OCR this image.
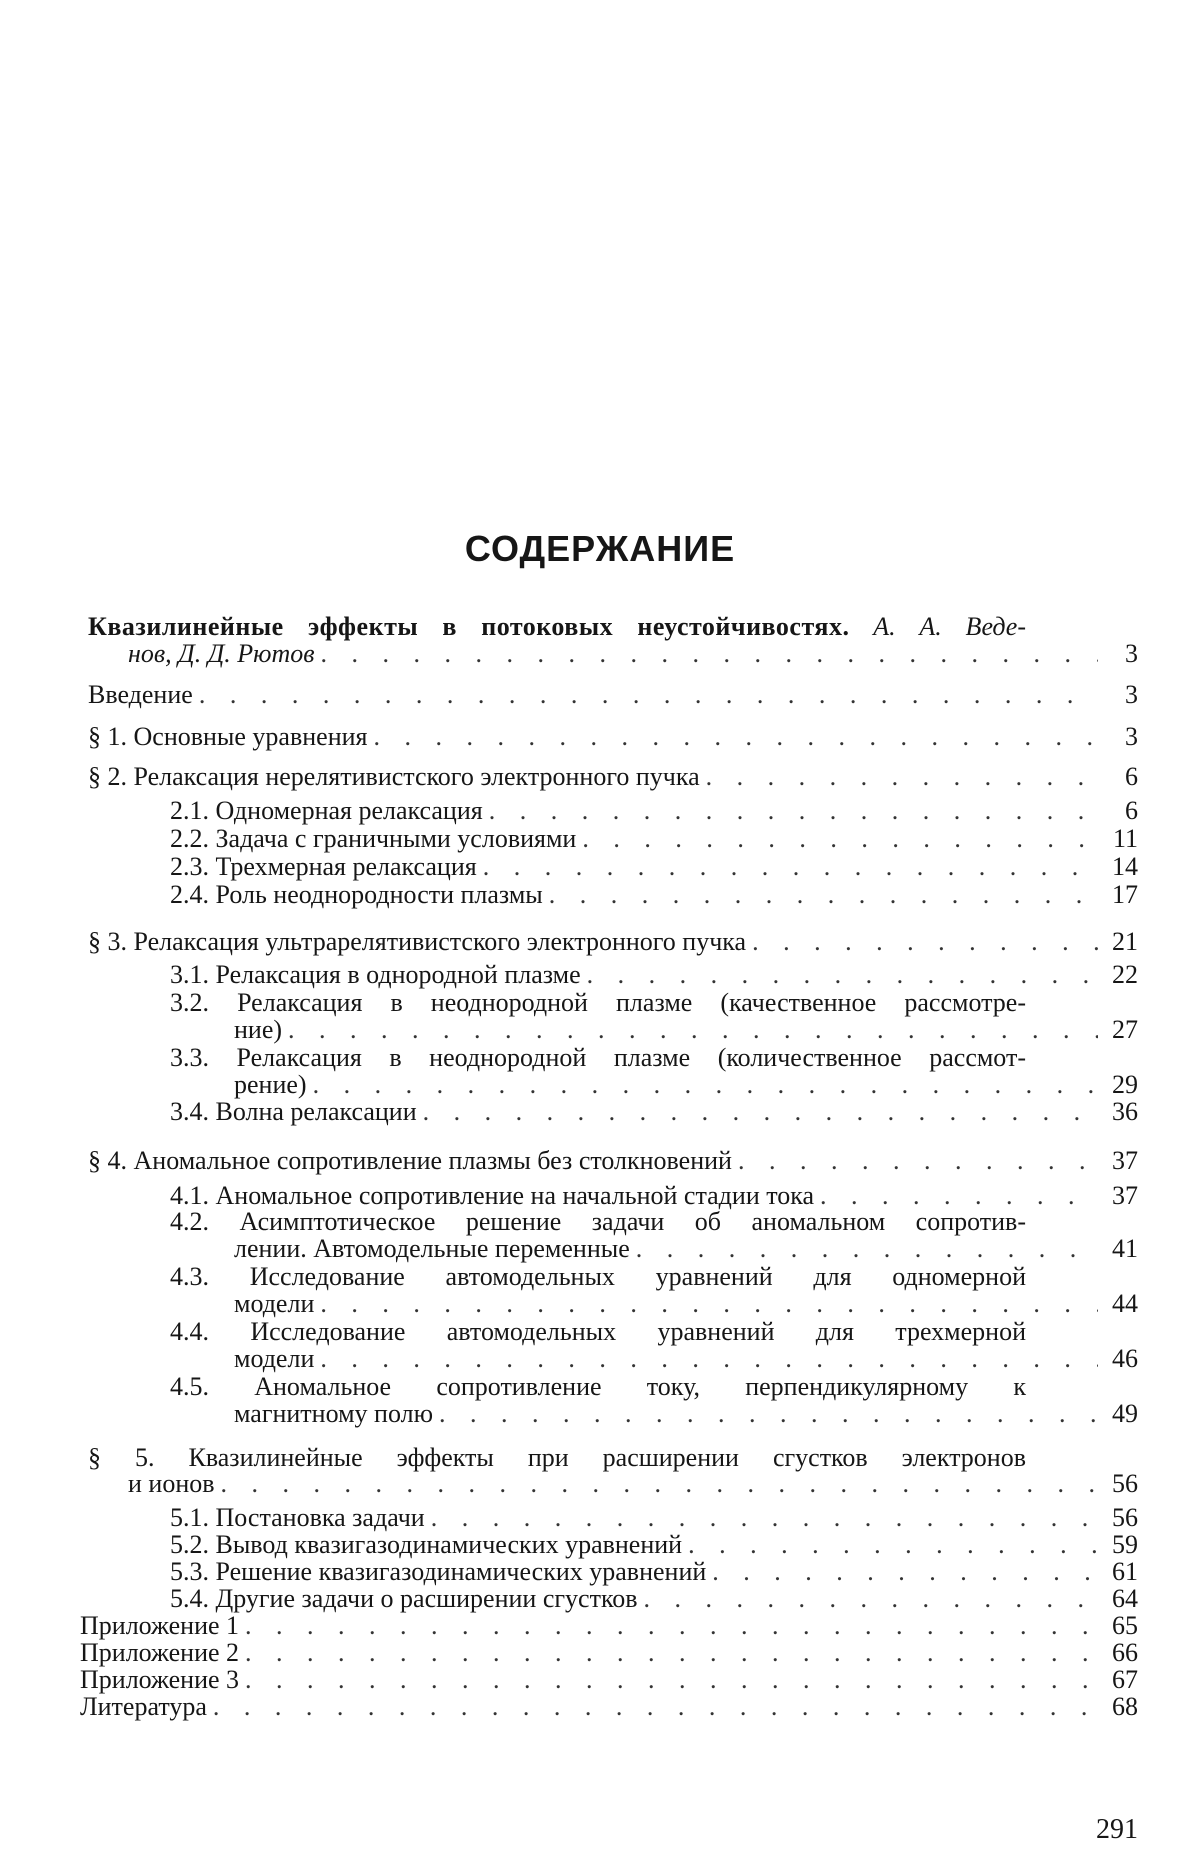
СОДЕРЖАНИЕ
Квазилинейные эффекты в потоковых неустойчивостях. А. А. Веде-
нов, Д. Д. Рютов . . .	3
Введение . . .	3
§ 1. Основные уравнения . . .	3
§ 2. Релаксация нерелятивистского электронного пучка . . .	6
2.1. Одномерная релаксация . . .	6
2.2. Задача с граничными условиями . . .	11
2.3. Трехмерная релаксация . . .	14
2.4. Роль неоднородности плазмы . . .	17
§ 3. Релаксация ультрарелятивистского электронного пучка . . .	21
3.1. Релаксация в однородной плазме . . .	22
3.2. Релаксация в неоднородной плазме (качественное рассмотре-
ние) . . .	27
3.3. Релаксация в неоднородной плазме (количественное рассмот-
рение) . . .	29
3.4. Волна релаксации . . .	36
§ 4. Аномальное сопротивление плазмы без столкновений . . .	37
4.1. Аномальное сопротивление на начальной стадии тока . . .	37
4.2. Асимптотическое решение задачи об аномальном сопротив-
лении. Автомодельные переменные . . .	41
4.3. Исследование автомодельных уравнений для одномерной
модели . . .	44
4.4. Исследование автомодельных уравнений для трехмерной
модели . . .	46
4.5. Аномальное сопротивление току, перпендикулярному к
магнитному полю . . .	49
§ 5. Квазилинейные эффекты при расширении сгустков электронов
и ионов . . .	56
5.1. Постановка задачи . . .	56
5.2. Вывод квазигазодинамических уравнений . . .	59
5.3. Решение квазигазодинамических уравнений . . .	61
5.4. Другие задачи о расширении сгустков . . .	64
Приложение 1 . . .	65
Приложение 2 . . .	66
Приложение 3 . . .	67
Литература . . .	68
291
